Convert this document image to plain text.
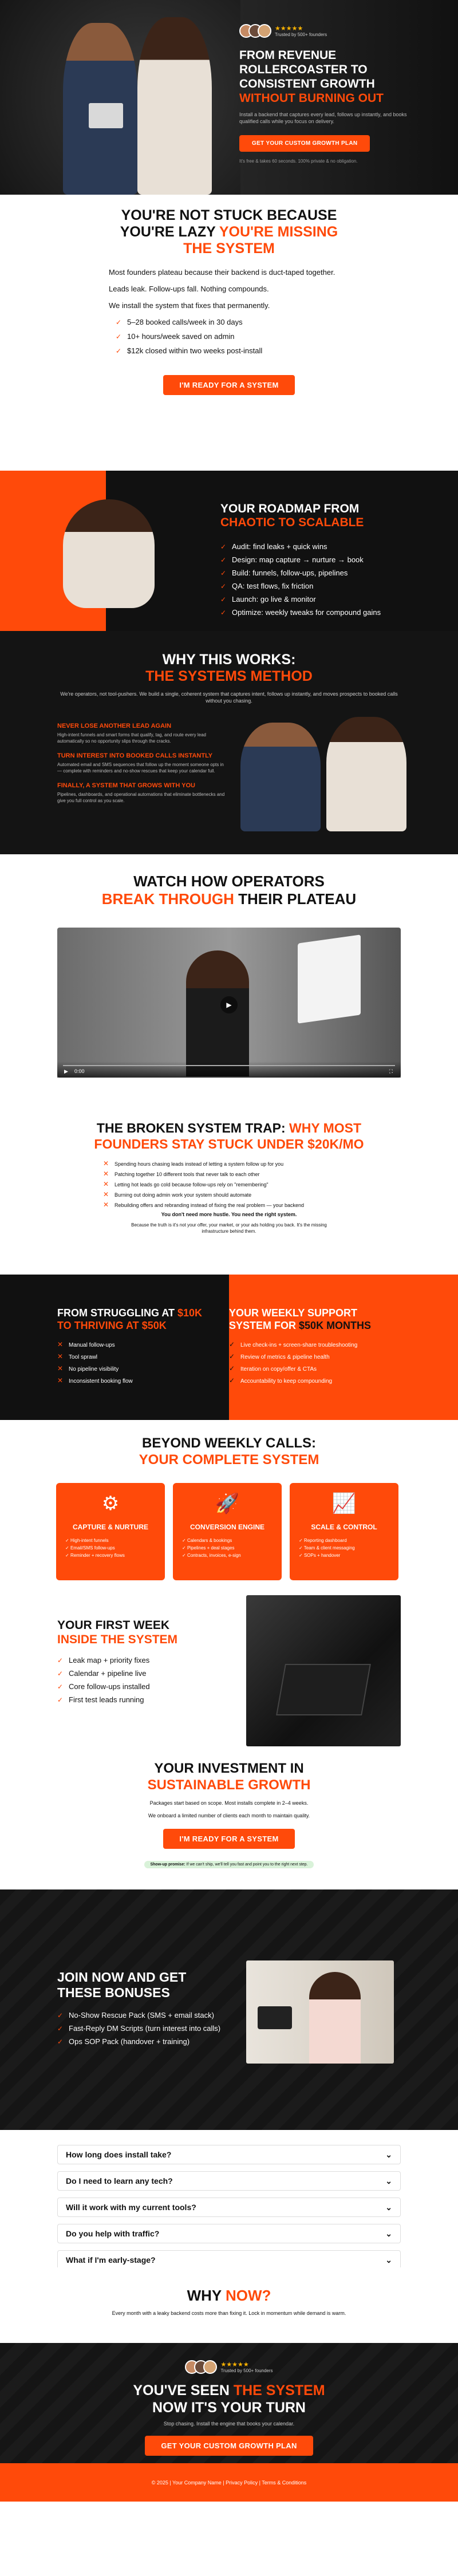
★★★★★
Trusted by 500+ founders
FROM REVENUE
ROLLERCOASTER TO
CONSISTENT GROWTH
WITHOUT BURNING OUT

Install a backend that captures every lead, follows up instantly, and books qualified calls while you focus on delivery.

GET YOUR CUSTOM GROWTH PLAN

It's free & takes 60 seconds. 100% private & no obligation.

YOU'RE NOT STUCK BECAUSE
YOU'RE LAZY YOU'RE MISSING
THE SYSTEM

Most founders plateau because their backend is duct-taped together.

Leads leak. Follow-ups fall. Nothing compounds.

We install the system that fixes that permanently.

✓ 5–28 booked calls/week in 30 days
✓ 10+ hours/week saved on admin
✓ $12k closed within two weeks post-install
I'M READY FOR A SYSTEM
YOUR ROADMAP FROM
CHAOTIC TO SCALABLE
✓ Audit: find leaks + quick wins
✓ Design: map capture → nurture → book
✓ Build: funnels, follow-ups, pipelines
✓ QA: test flows, fix friction
✓ Launch: go live & monitor
✓ Optimize: weekly tweaks for compound gains
WHY THIS WORKS:
THE SYSTEMS METHOD

We're operators, not tool-pushers. We build a single, coherent system that captures intent, follows up instantly, and moves prospects to booked calls without you chasing.

NEVER LOSE ANOTHER LEAD AGAIN

High-intent funnels and smart forms that qualify, tag, and route every lead automatically so no opportunity slips through the cracks.

TURN INTEREST INTO BOOKED CALLS INSTANTLY

Automated email and SMS sequences that follow up the moment someone opts in — complete with reminders and no-show rescues that keep your calendar full.

FINALLY, A SYSTEM THAT GROWS WITH YOU

Pipelines, dashboards, and operational automations that eliminate bottlenecks and give you full control as you scale.

WATCH HOW OPERATORS
BREAK THROUGH THEIR PLATEAU
▶
▶ 0:00	⛶
THE BROKEN SYSTEM TRAP: WHY MOST
FOUNDERS STAY STUCK UNDER $20K/MO
✕ Spending hours chasing leads instead of letting a system follow up for you
✕ Patching together 10 different tools that never talk to each other
✕ Letting hot leads go cold because follow-ups rely on "remembering"
✕ Burning out doing admin work your system should automate
✕ Rebuilding offers and rebranding instead of fixing the real problem — your backend

You don't need more hustle. You need the right system.

Because the truth is it's not your offer, your market, or your ads holding you back. It's the missing infrastructure behind them.

FROM STRUGGLING AT $10K
TO THRIVING AT $50K
✕ Manual follow-ups
✕ Tool sprawl
✕ No pipeline visibility
✕ Inconsistent booking flow
YOUR WEEKLY SUPPORT
SYSTEM FOR $50K MONTHS
✓ Live check-ins + screen-share troubleshooting
✓ Review of metrics & pipeline health
✓ Iteration on copy/offer & CTAs
✓ Accountability to keep compounding
BEYOND WEEKLY CALLS:
YOUR COMPLETE SYSTEM
⚙
CAPTURE & NURTURE
✓ High-intent funnels
✓ Email/SMS follow-ups
✓ Reminder + recovery flows
🚀
CONVERSION ENGINE
✓ Calendars & bookings
✓ Pipelines + deal stages
✓ Contracts, invoices, e-sign
📈
SCALE & CONTROL
✓ Reporting dashboard
✓ Team & client messaging
✓ SOPs + handover
YOUR FIRST WEEK
INSIDE THE SYSTEM
✓ Leak map + priority fixes
✓ Calendar + pipeline live
✓ Core follow-ups installed
✓ First test leads running
YOUR INVESTMENT IN
SUSTAINABLE GROWTH

Packages start based on scope. Most installs complete in 2–4 weeks.

We onboard a limited number of clients each month to maintain quality.

I'M READY FOR A SYSTEM
Show-up promise: If we can't ship, we'll tell you fast and point you to the right next step.
JOIN NOW AND GET
THESE BONUSES
✓ No-Show Rescue Pack (SMS + email stack)
✓ Fast-Reply DM Scripts (turn interest into calls)
✓ Ops SOP Pack (handover + training)
How long does install take?	⌄
Do I need to learn any tech?	⌄
Will it work with my current tools?	⌄
Do you help with traffic?	⌄
What if I'm early-stage?	⌄
WHY NOW?

Every month with a leaky backend costs more than fixing it. Lock in momentum while demand is warm.

★★★★★
Trusted by 500+ founders
YOU'VE SEEN THE SYSTEM
NOW IT'S YOUR TURN

Stop chasing. Install the engine that books your calendar.

GET YOUR CUSTOM GROWTH PLAN
© 2025 | Your Company Name | Privacy Policy | Terms & Conditions
